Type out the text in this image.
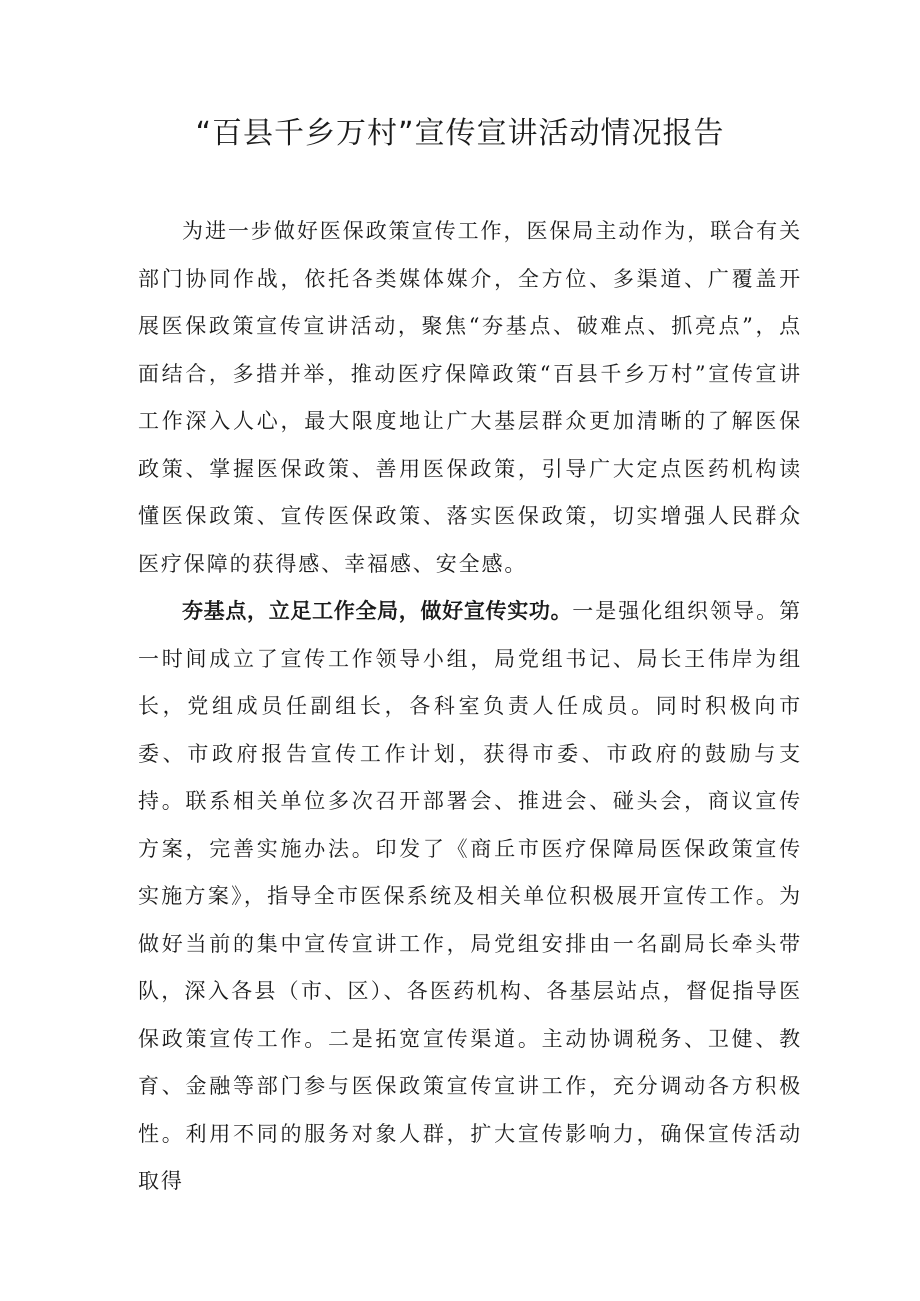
“百县千乡万村”宣传宣讲活动情况报告

为进一步做好医保政策宣传工作，医保局主动作为，联合有关部门协同作战，依托各类媒体媒介，全方位、多渠道、广覆盖开展医保政策宣传宣讲活动，聚焦“夯基点、破难点、抓亮点”，点面结合，多措并举，推动医疗保障政策“百县千乡万村”宣传宣讲工作深入人心，最大限度地让广大基层群众更加清晰的了解医保政策、掌握医保政策、善用医保政策，引导广大定点医药机构读懂医保政策、宣传医保政策、落实医保政策，切实增强人民群众医疗保障的获得感、幸福感、安全感。

夯基点，立足工作全局，做好宣传实功。一是强化组织领导。第一时间成立了宣传工作领导小组，局党组书记、局长王伟岸为组长，党组成员任副组长，各科室负责人任成员。同时积极向市委、市政府报告宣传工作计划，获得市委、市政府的鼓励与支持。联系相关单位多次召开部署会、推进会、碰头会，商议宣传方案，完善实施办法。印发了《商丘市医疗保障局医保政策宣传实施方案》，指导全市医保系统及相关单位积极展开宣传工作。为做好当前的集中宣传宣讲工作，局党组安排由一名副局长牵头带队，深入各县（市、区）、各医药机构、各基层站点，督促指导医保政策宣传工作。二是拓宽宣传渠道。主动协调税务、卫健、教育、金融等部门参与医保政策宣传宣讲工作，充分调动各方积极性。利用不同的服务对象人群，扩大宣传影响力，确保宣传活动取得
